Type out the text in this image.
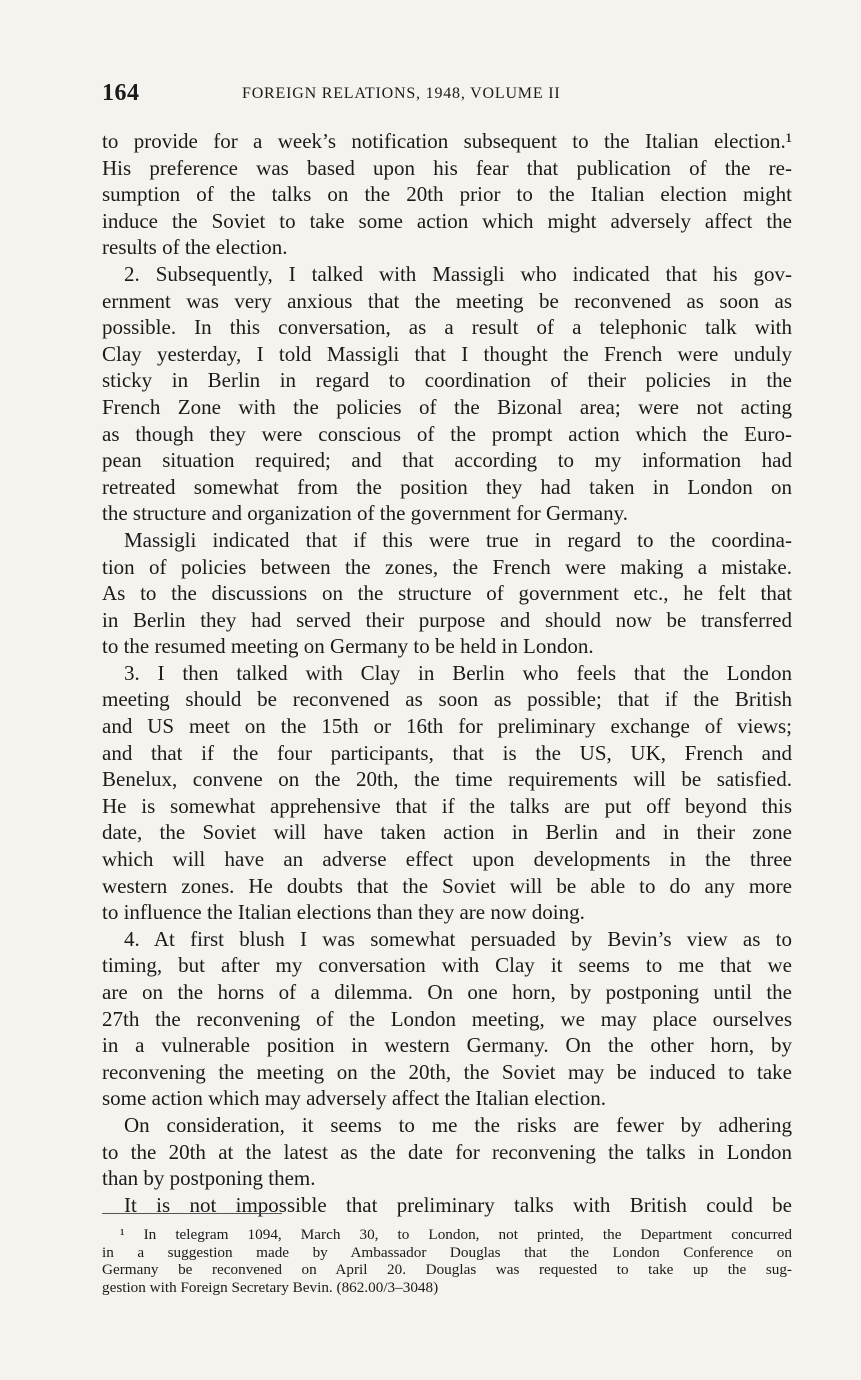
164	FOREIGN RELATIONS, 1948, VOLUME II
to provide for a week’s notification subsequent to the Italian election.¹
His preference was based upon his fear that publication of the re-
sumption of the talks on the 20th prior to the Italian election might
induce the Soviet to take some action which might adversely affect the
results of the election.
2. Subsequently, I talked with Massigli who indicated that his gov-
ernment was very anxious that the meeting be reconvened as soon as
possible. In this conversation, as a result of a telephonic talk with
Clay yesterday, I told Massigli that I thought the French were unduly
sticky in Berlin in regard to coordination of their policies in the
French Zone with the policies of the Bizonal area; were not acting
as though they were conscious of the prompt action which the Euro-
pean situation required; and that according to my information had
retreated somewhat from the position they had taken in London on
the structure and organization of the government for Germany.
Massigli indicated that if this were true in regard to the coordina-
tion of policies between the zones, the French were making a mistake.
As to the discussions on the structure of government etc., he felt that
in Berlin they had served their purpose and should now be transferred
to the resumed meeting on Germany to be held in London.
3. I then talked with Clay in Berlin who feels that the London
meeting should be reconvened as soon as possible; that if the British
and US meet on the 15th or 16th for preliminary exchange of views;
and that if the four participants, that is the US, UK, French and
Benelux, convene on the 20th, the time requirements will be satisfied.
He is somewhat apprehensive that if the talks are put off beyond this
date, the Soviet will have taken action in Berlin and in their zone
which will have an adverse effect upon developments in the three
western zones. He doubts that the Soviet will be able to do any more
to influence the Italian elections than they are now doing.
4. At first blush I was somewhat persuaded by Bevin’s view as to
timing, but after my conversation with Clay it seems to me that we
are on the horns of a dilemma. On one horn, by postponing until the
27th the reconvening of the London meeting, we may place ourselves
in a vulnerable position in western Germany. On the other horn, by
reconvening the meeting on the 20th, the Soviet may be induced to take
some action which may adversely affect the Italian election.
On consideration, it seems to me the risks are fewer by adhering
to the 20th at the latest as the date for reconvening the talks in London
than by postponing them.
It is not impossible that preliminary talks with British could be
¹ In telegram 1094, March 30, to London, not printed, the Department concurred
in a suggestion made by Ambassador Douglas that the London Conference on
Germany be reconvened on April 20. Douglas was requested to take up the sug-
gestion with Foreign Secretary Bevin. (862.00/3–3048)
